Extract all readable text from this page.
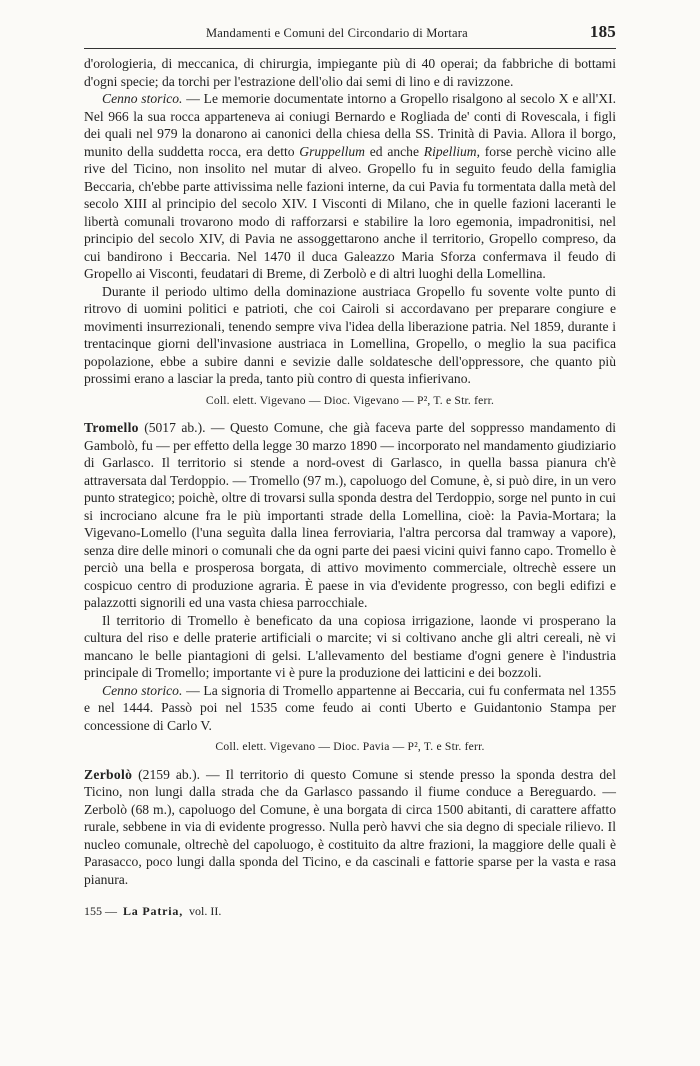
Mandamenti e Comuni del Circondario di Mortara	185

d'orologieria, di meccanica, di chirurgia, impiegante più di 40 operai; da fabbriche di bottami d'ogni specie; da torchi per l'estrazione dell'olio dai semi di lino e di ravizzone.

Cenno storico. — Le memorie documentate intorno a Gropello risalgono al secolo X e all'XI. Nel 966 la sua rocca apparteneva ai coniugi Bernardo e Rogliada de' conti di Rovescala, i figli dei quali nel 979 la donarono ai canonici della chiesa della SS. Trinità di Pavia. Allora il borgo, munito della suddetta rocca, era detto Gruppellum ed anche Ripellium, forse perchè vicino alle rive del Ticino, non insolito nel mutar di alveo. Gropello fu in seguito feudo della famiglia Beccaria, ch'ebbe parte attivissima nelle fazioni interne, da cui Pavia fu tormentata dalla metà del secolo XIII al principio del secolo XIV. I Visconti di Milano, che in quelle fazioni laceranti le libertà comunali trovarono modo di rafforzarsi e stabilire la loro egemonia, impadronitisi, nel principio del secolo XIV, di Pavia ne assoggettarono anche il territorio, Gropello compreso, da cui bandirono i Beccaria. Nel 1470 il duca Galeazzo Maria Sforza confermava il feudo di Gropello ai Visconti, feudatari di Breme, di Zerbolò e di altri luoghi della Lomellina.

Durante il periodo ultimo della dominazione austriaca Gropello fu sovente volte punto di ritrovo di uomini politici e patrioti, che coi Cairoli si accordavano per preparare congiure e movimenti insurrezionali, tenendo sempre viva l'idea della liberazione patria. Nel 1859, durante i trentacinque giorni dell'invasione austriaca in Lomellina, Gropello, o meglio la sua pacifica popolazione, ebbe a subire danni e sevizie dalle soldatesche dell'oppressore, che quanto più prossimi erano a lasciar la preda, tanto più contro di questa infierivano.

Coll. elett. Vigevano — Dioc. Vigevano — P², T. e Str. ferr.

Tromello (5017 ab.). — Questo Comune, che già faceva parte del soppresso mandamento di Gambolò, fu — per effetto della legge 30 marzo 1890 — incorporato nel mandamento giudiziario di Garlasco. Il territorio si stende a nord-ovest di Garlasco, in quella bassa pianura ch'è attraversata dal Terdoppio. — Tromello (97 m.), capoluogo del Comune, è, si può dire, in un vero punto strategico; poichè, oltre di trovarsi sulla sponda destra del Terdoppio, sorge nel punto in cui si incrociano alcune fra le più importanti strade della Lomellina, cioè: la Pavia-Mortara; la Vigevano-Lomello (l'una seguìta dalla linea ferroviaria, l'altra percorsa dal tramway a vapore), senza dire delle minori o comunali che da ogni parte dei paesi vicini quivi fanno capo. Tromello è perciò una bella e prosperosa borgata, di attivo movimento commerciale, oltrechè essere un cospicuo centro di produzione agraria. È paese in via d'evidente progresso, con begli edifizi e palazzotti signorili ed una vasta chiesa parrocchiale.

Il territorio di Tromello è beneficato da una copiosa irrigazione, laonde vi prosperano la cultura del riso e delle praterie artificiali o marcite; vi si coltivano anche gli altri cereali, nè vi mancano le belle piantagioni di gelsi. L'allevamento del bestiame d'ogni genere è l'industria principale di Tromello; importante vi è pure la produzione dei latticini e dei bozzoli.

Cenno storico. — La signoria di Tromello appartenne ai Beccaria, cui fu confermata nel 1355 e nel 1444. Passò poi nel 1535 come feudo ai conti Uberto e Guidantonio Stampa per concessione di Carlo V.

Coll. elett. Vigevano — Dioc. Pavia — P², T. e Str. ferr.

Zerbolò (2159 ab.). — Il territorio di questo Comune si stende presso la sponda destra del Ticino, non lungi dalla strada che da Garlasco passando il fiume conduce a Bereguardo. — Zerbolò (68 m.), capoluogo del Comune, è una borgata di circa 1500 abitanti, di carattere affatto rurale, sebbene in via di evidente progresso. Nulla però havvi che sia degno di speciale rilievo. Il nucleo comunale, oltrechè del capoluogo, è costituito da altre frazioni, la maggiore delle quali è Parasacco, poco lungi dalla sponda del Ticino, e da cascinali e fattorie sparse per la vasta e rasa pianura.

155 — La Patria, vol. II.
